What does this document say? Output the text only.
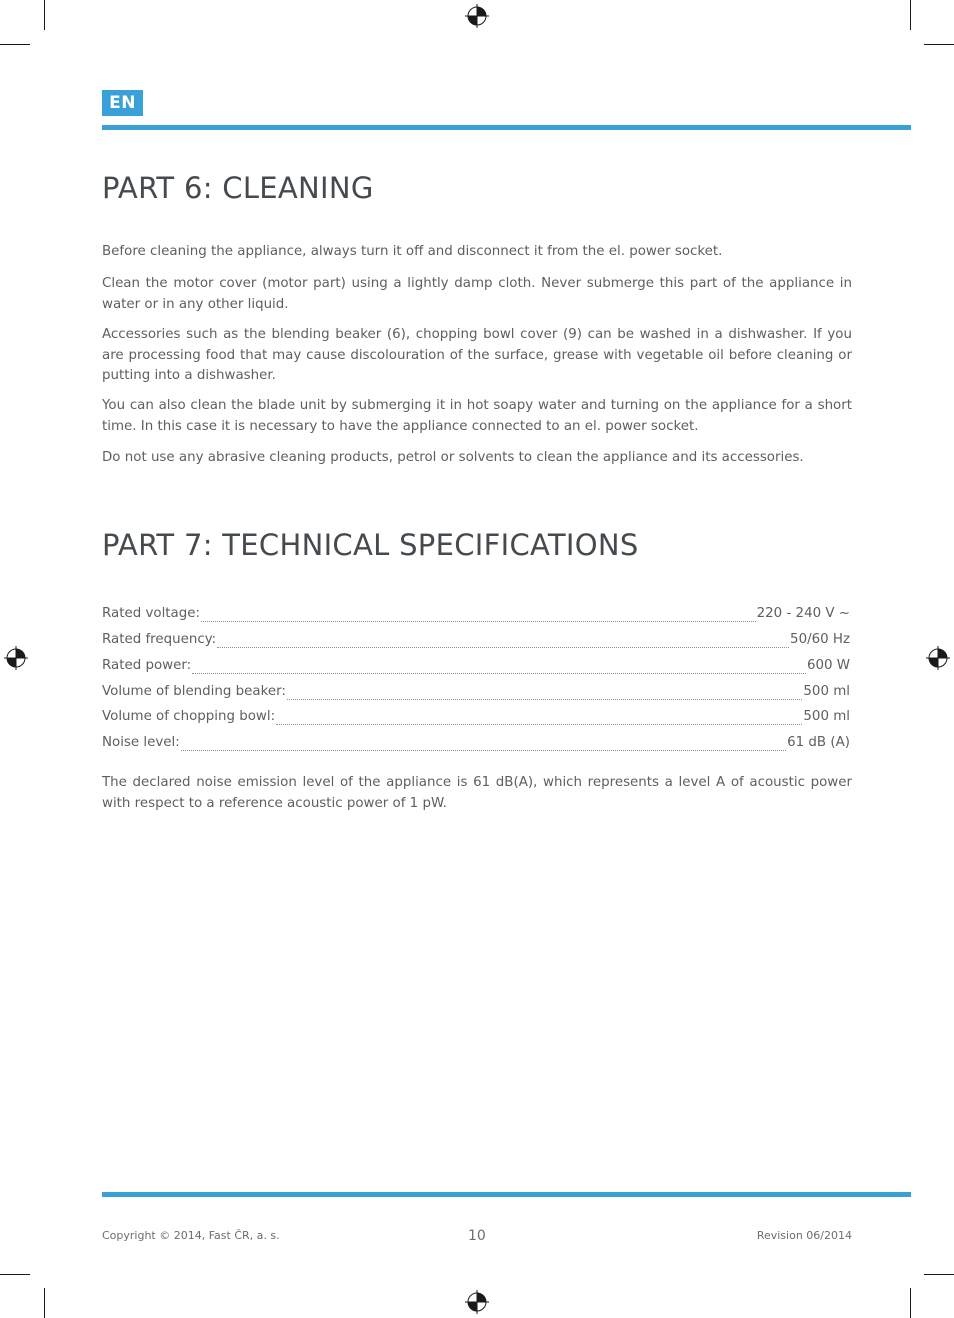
EN
PART 6: CLEANING

Before cleaning the appliance, always turn it off and disconnect it from the el. power socket.

Clean the motor cover (motor part) using a lightly damp cloth. Never submerge this part of the appliance in water or in any other liquid.

Accessories such as the blending beaker (6), chopping bowl cover (9) can be washed in a dishwasher. If you are processing food that may cause discolouration of the surface, grease with vegetable oil before cleaning or putting into a dishwasher.

You can also clean the blade unit by submerging it in hot soapy water and turning on the appliance for a short time. In this case it is necessary to have the appliance connected to an el. power socket.

Do not use any abrasive cleaning products, petrol or solvents to clean the appliance and its accessories.

PART 7: TECHNICAL SPECIFICATIONS
Rated voltage:	220 - 240 V ~
Rated frequency:	50/60 Hz
Rated power:	600 W
Volume of blending beaker:	500 ml
Volume of chopping bowl:	500 ml
Noise level:	61 dB (A)

The declared noise emission level of the appliance is 61 dB(A), which represents a level A of acoustic power with respect to a reference acoustic power of 1 pW.

Copyright © 2014, Fast ČR, a. s.	10	Revision 06/2014
